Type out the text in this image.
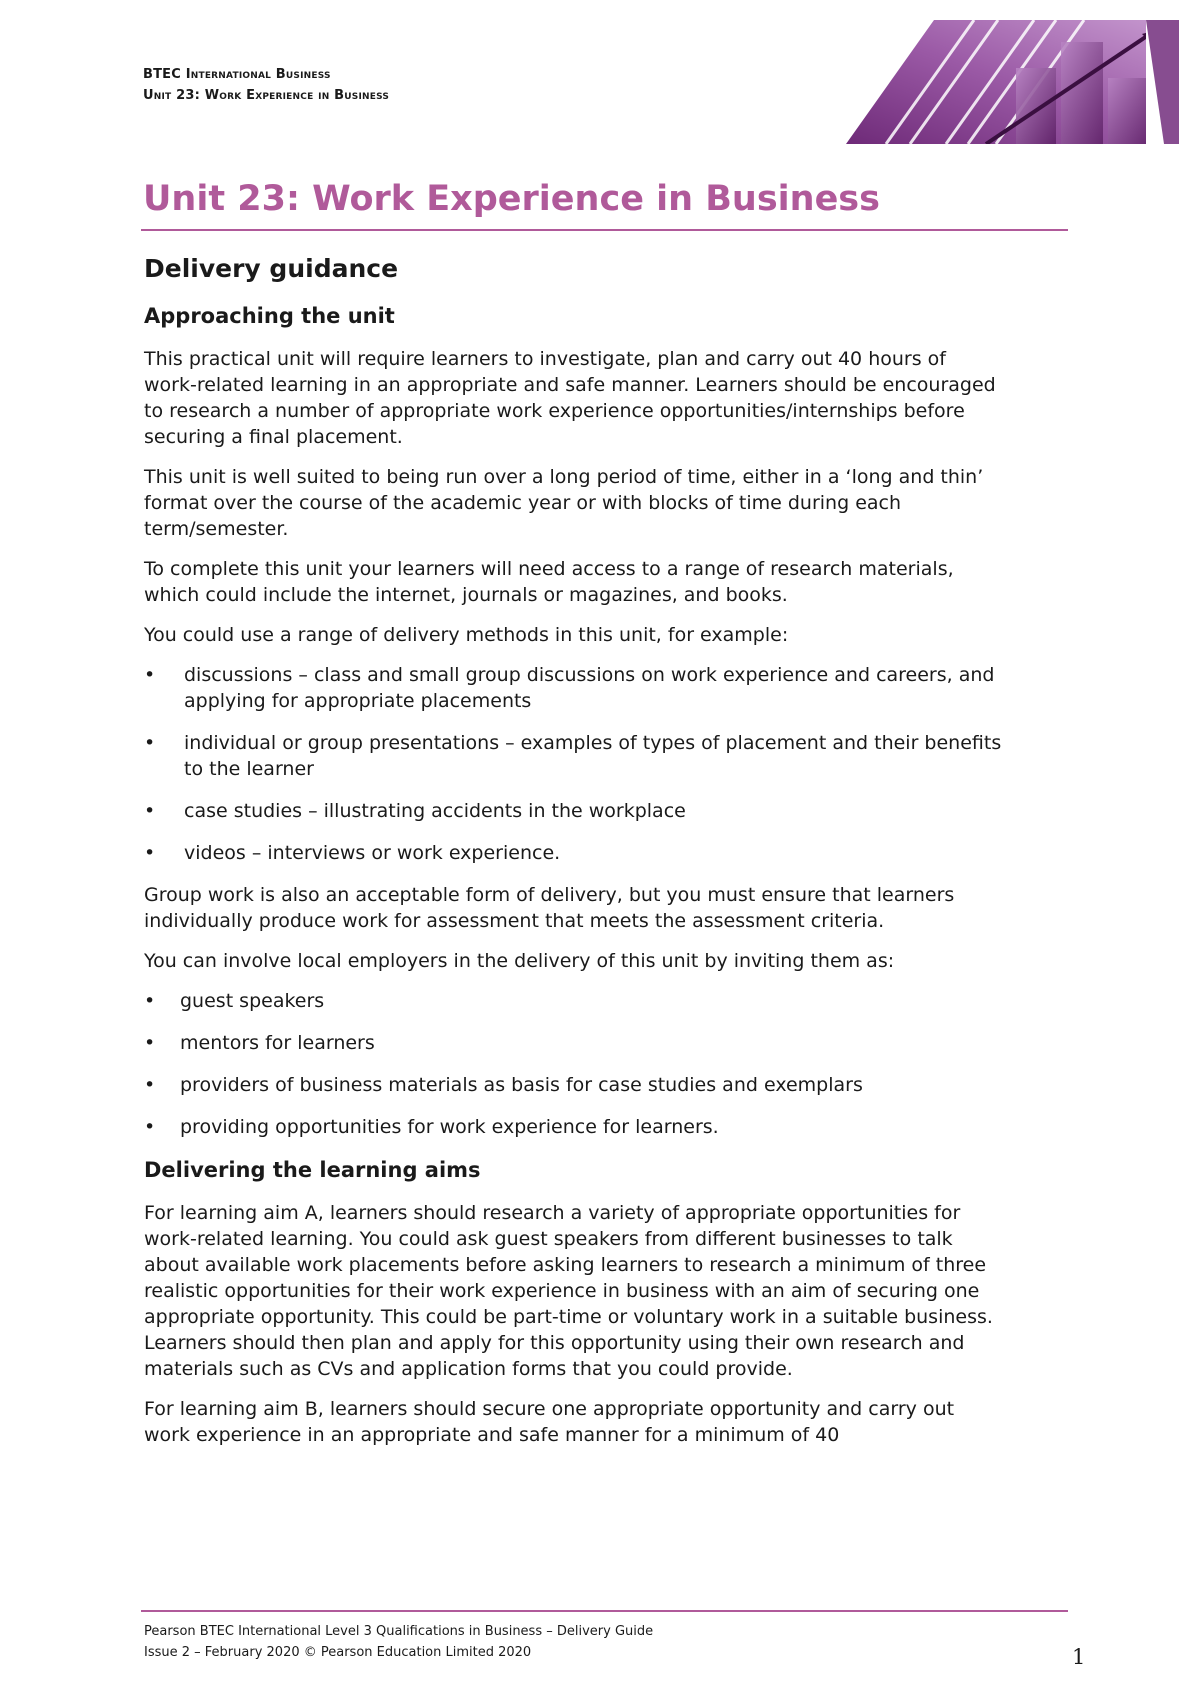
BTEC International Business
Unit 23: Work Experience in Business
Unit 23: Work Experience in Business
Delivery guidance
Approaching the unit

This practical unit will require learners to investigate, plan and carry out 40 hours of work-related learning in an appropriate and safe manner. Learners should be encouraged to research a number of appropriate work experience opportunities/internships before securing a final placement.

This unit is well suited to being run over a long period of time, either in a ‘long and thin’ format over the course of the academic year or with blocks of time during each term/semester.

To complete this unit your learners will need access to a range of research materials, which could include the internet, journals or magazines, and books.

You could use a range of delivery methods in this unit, for example:

• discussions – class and small group discussions on work experience and careers, and applying for appropriate placements
• individual or group presentations – examples of types of placement and their benefits to the learner
• case studies – illustrating accidents in the workplace
• videos – interviews or work experience.

Group work is also an acceptable form of delivery, but you must ensure that learners individually produce work for assessment that meets the assessment criteria.

You can involve local employers in the delivery of this unit by inviting them as:

• guest speakers
• mentors for learners
• providers of business materials as basis for case studies and exemplars
• providing opportunities for work experience for learners.
Delivering the learning aims

For learning aim A, learners should research a variety of appropriate opportunities for work-related learning. You could ask guest speakers from different businesses to talk about available work placements before asking learners to research a minimum of three realistic opportunities for their work experience in business with an aim of securing one appropriate opportunity. This could be part-time or voluntary work in a suitable business. Learners should then plan and apply for this opportunity using their own research and materials such as CVs and application forms that you could provide.

For learning aim B, learners should secure one appropriate opportunity and carry out work experience in an appropriate and safe manner for a minimum of 40

Pearson BTEC International Level 3 Qualifications in Business – Delivery Guide
Issue 2 – February 2020 © Pearson Education Limited 2020	1
